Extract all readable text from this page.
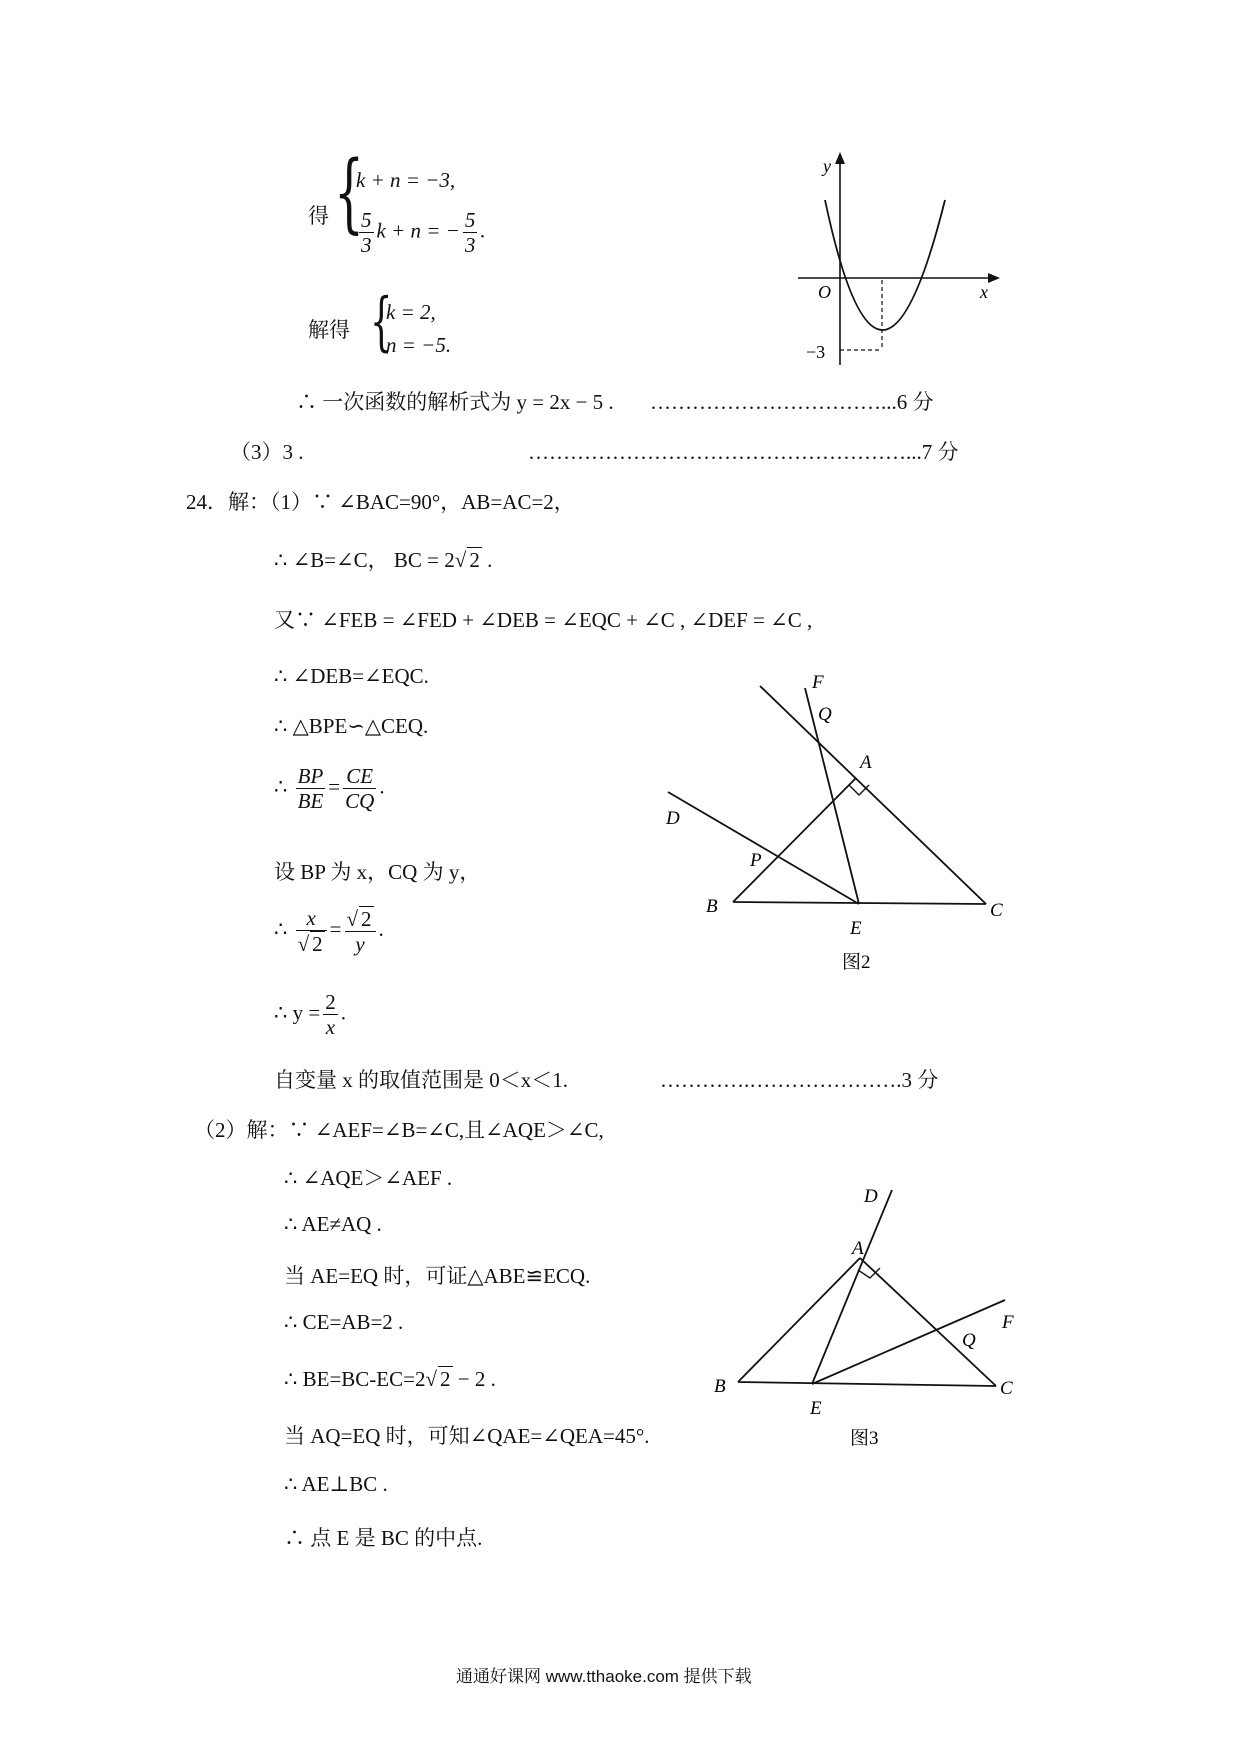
得 {
k + n = −3,
$\frac{5}{3}$ k + n = − $\frac{5}{3}$ .
解得 {
k = 2,
n = −5.
y
x
O
−3
∴ 一次函数的解析式为 y = 2x − 5 . ……………………………...6 分
（3）3 .	………………………………………………...7 分
24．解：（1）∵ ∠BAC=90°，AB=AC=2，
∴ ∠B=∠C， BC = 2√ 2 .
又∵ ∠FEB = ∠FED + ∠DEB = ∠EQC + ∠C , ∠DEF = ∠C ,
∴ ∠DEB=∠EQC.
∴ △BPE∽△CEQ.
∴ $\frac{BP}{BE} = \frac{CE}{CQ}$ .
设 BP 为 x，CQ 为 y，
∴ $\frac{x}{√ 2} = \frac{√ 2}{y}$ .
∴ $y = \frac{2}{x}$ .
自变量 x 的取值范围是 0＜x＜1.	………….………………….3 分
F
Q
A
D
P
B
E
C
图2
（2）解：∵ ∠AEF=∠B=∠C,且∠AQE＞∠C,
∴ ∠AQE＞∠AEF .
∴ AE≠AQ .
当 AE=EQ 时，可证△ABE≌ECQ.
∴ CE=AB=2 .
∴ BE=BC-EC=2√ 2 − 2 .
当 AQ=EQ 时，可知∠QAE=∠QEA=45°.
∴ AE⊥BC .
∴ 点 E 是 BC 的中点.
D
A
F
Q
B
E
C
图3
通通好课网 www.tthaoke.com 提供下载
